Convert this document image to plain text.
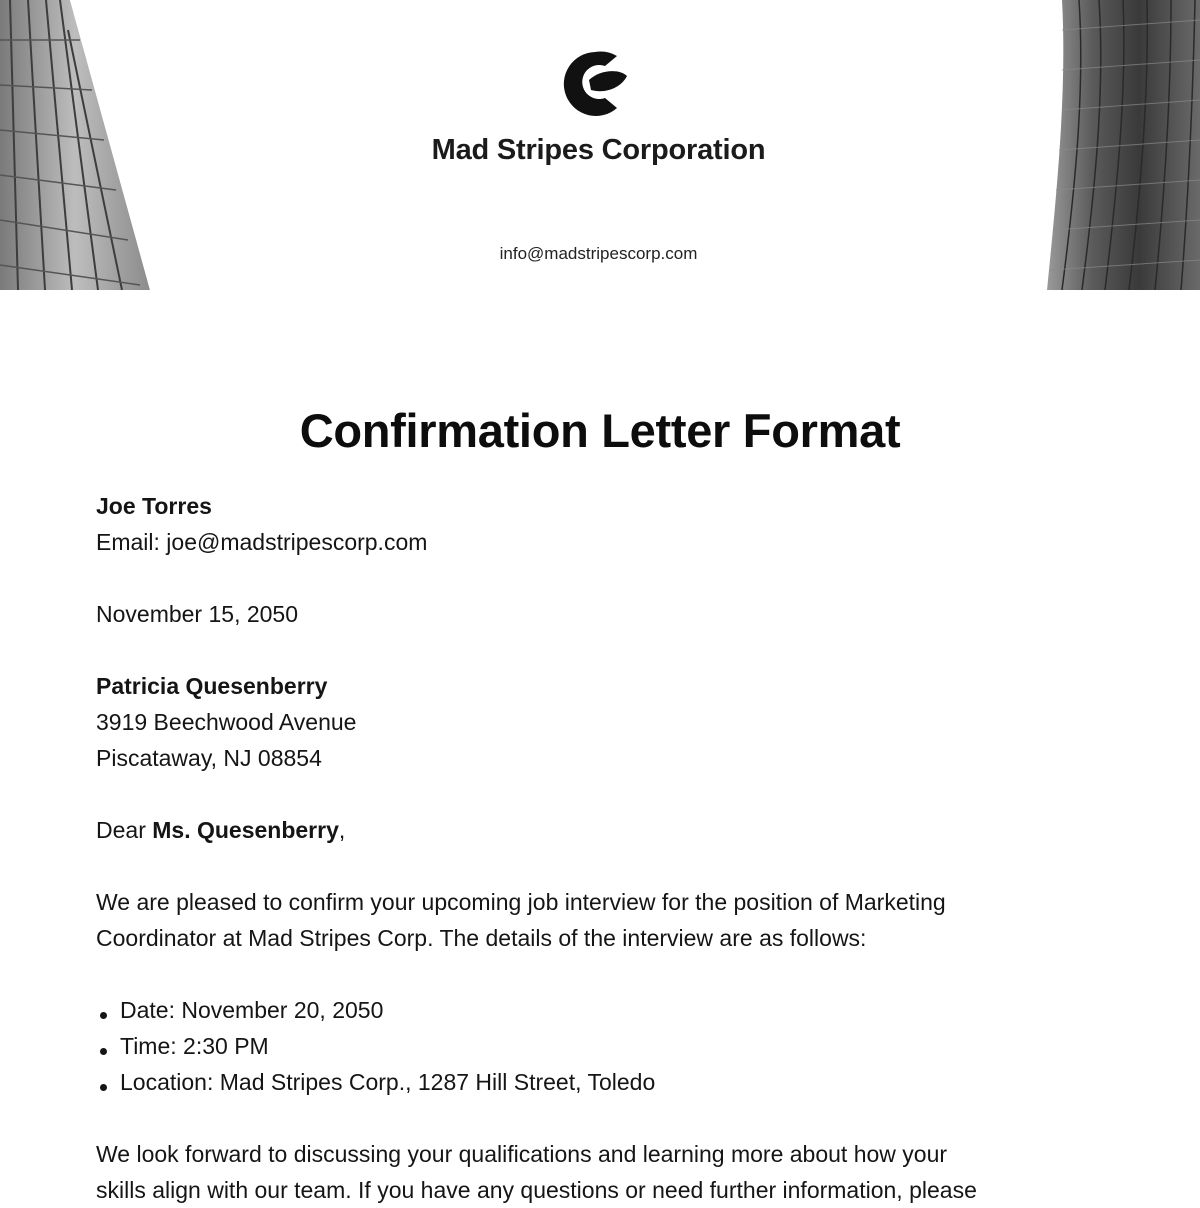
Mad Stripes Corporation
info@madstripescorp.com
Confirmation Letter Format
Joe Torres
Email: joe@madstripescorp.com
November 15, 2050
Patricia Quesenberry
3919 Beechwood Avenue
Piscataway, NJ 08854
Dear Ms. Quesenberry,
We are pleased to confirm your upcoming job interview for the position of Marketing
Coordinator at Mad Stripes Corp. The details of the interview are as follows:
Date: November 20, 2050
Time: 2:30 PM
Location: Mad Stripes Corp., 1287 Hill Street, Toledo
We look forward to discussing your qualifications and learning more about how your
skills align with our team. If you have any questions or need further information, please
